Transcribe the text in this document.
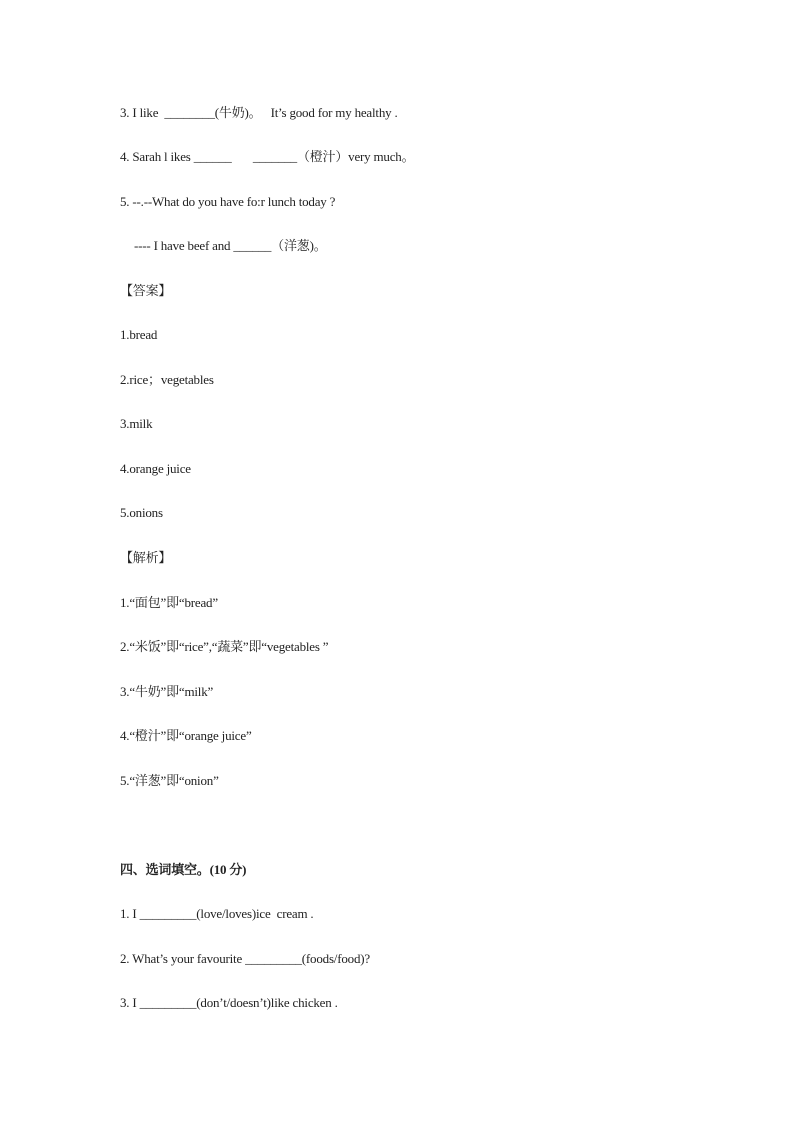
3. I like  ________(牛奶)。   It’s good for my healthy .
4. Sarah l ikes ______       _______（橙汁）very much。
5. --.--What do you have fo:r lunch today ?
---- I have beef and ______（洋葱)。
【答案】
1.bread
2.rice；vegetables
3.milk
4.orange juice
5.onions
【解析】
1.“面包”即“bread”
2.“米饭”即“rice”,“蔬菜”即“vegetables ”
3.“牛奶”即“milk”
4.“橙汁”即“orange juice”
5.“洋葱”即“onion”
四、选词填空。(10 分)
1. I _________(love/loves)ice  cream .
2. What’s your favourite _________(foods/food)?
3. I _________(don’t/doesn’t)like chicken .
